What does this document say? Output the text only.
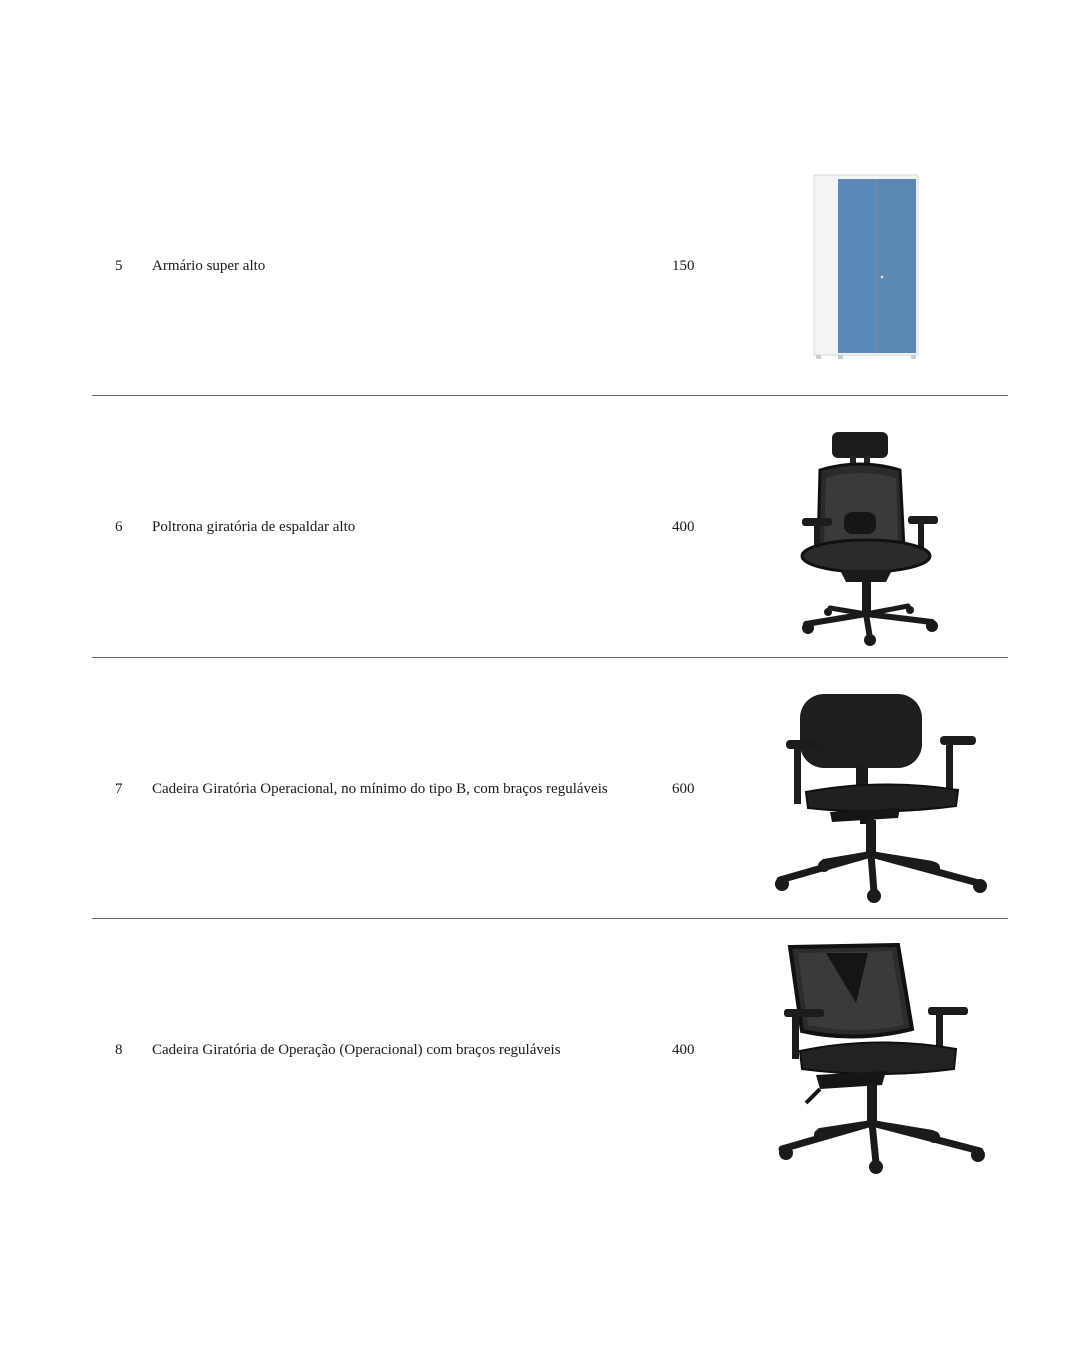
5 Armário super alto	150
6 Poltrona giratória de espaldar alto	400
7 Cadeira Giratória Operacional, no mínimo do tipo B, com braços reguláveis	600
8 Cadeira Giratória de Operação (Operacional) com braços reguláveis	400
